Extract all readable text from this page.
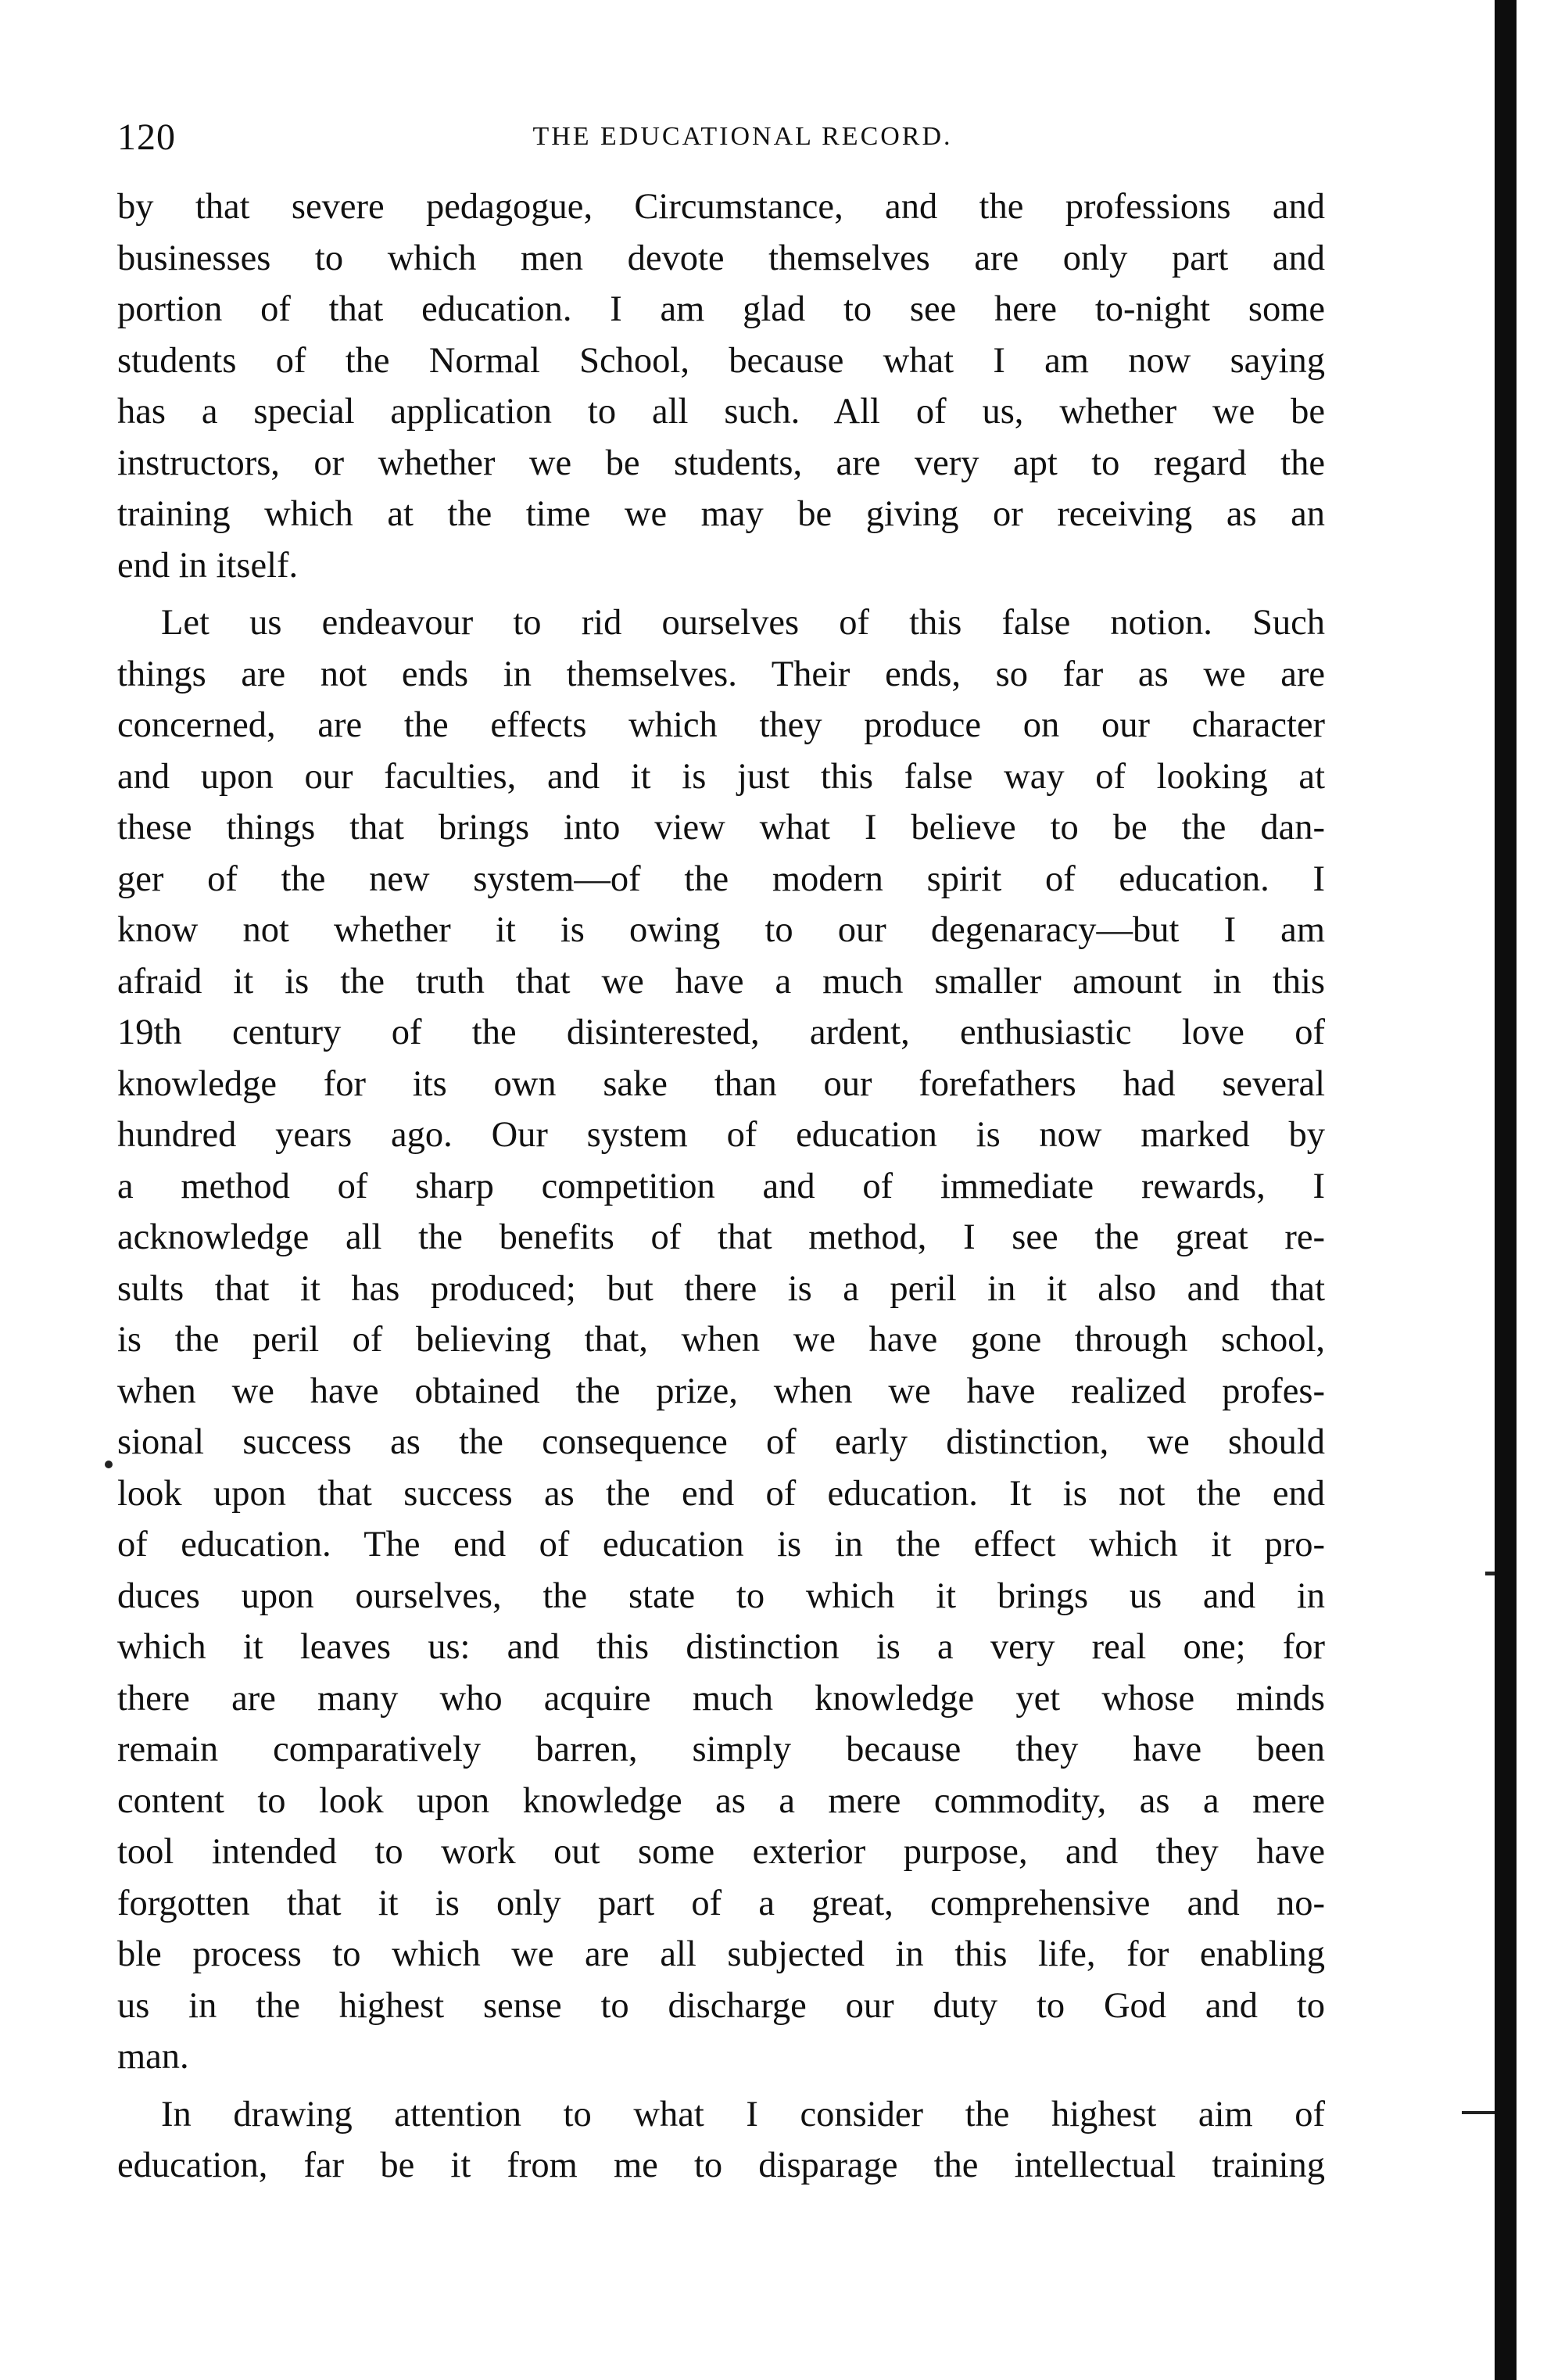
120	THE EDUCATIONAL RECORD.
by that severe pedagogue, Circumstance, and the professions and
businesses to which men devote themselves are only part and
portion of that education. I am glad to see here to-night some
students of the Normal School, because what I am now saying
has a special application to all such. All of us, whether we be
instructors, or whether we be students, are very apt to regard the
training which at the time we may be giving or receiving as an
end in itself.
Let us endeavour to rid ourselves of this false notion. Such
things are not ends in themselves. Their ends, so far as we are
concerned, are the effects which they produce on our character
and upon our faculties, and it is just this false way of looking at
these things that brings into view what I believe to be the dan-
ger of the new system—of the modern spirit of education. I
know not whether it is owing to our degenaracy—but I am
afraid it is the truth that we have a much smaller amount in this
19th century of the disinterested, ardent, enthusiastic love of
knowledge for its own sake than our forefathers had several
hundred years ago. Our system of education is now marked by
a method of sharp competition and of immediate rewards, I
acknowledge all the benefits of that method, I see the great re-
sults that it has produced; but there is a peril in it also and that
is the peril of believing that, when we have gone through school,
when we have obtained the prize, when we have realized profes-
sional success as the consequence of early distinction, we should
look upon that success as the end of education. It is not the end
of education. The end of education is in the effect which it pro-
duces upon ourselves, the state to which it brings us and in
which it leaves us: and this distinction is a very real one; for
there are many who acquire much knowledge yet whose minds
remain comparatively barren, simply because they have been
content to look upon knowledge as a mere commodity, as a mere
tool intended to work out some exterior purpose, and they have
forgotten that it is only part of a great, comprehensive and no-
ble process to which we are all subjected in this life, for enabling
us in the highest sense to discharge our duty to God and to
man.
In drawing attention to what I consider the highest aim of
education, far be it from me to disparage the intellectual training
